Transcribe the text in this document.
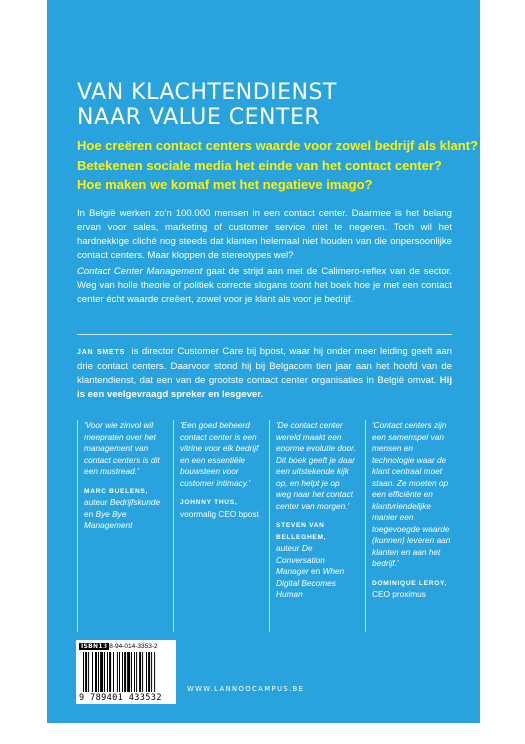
VAN KLACHTENDIENST
NAAR VALUE CENTER
Hoe creëren contact centers waarde voor zowel bedrijf als klant?
Betekenen sociale media het einde van het contact center?
Hoe maken we komaf met het negatieve imago?

In België werken zo'n 100.000 mensen in een contact center. Daarmee is het belang ervan voor sales, marketing of customer service niet te negeren. Toch wil het hardnekkige cliché nog steeds dat klanten helemaal niet houden van die onpersoonlijke contact centers. Maar kloppen de stereotypes wel?

Contact Center Management gaat de strijd aan met de Calimero-reflex van de sector. Weg van holle theorie of politiek correcte slogans toont het boek hoe je met een contact center écht waarde creëert, zowel voor je klant als voor je bedrijf.

JAN SMETS is director Customer Care bij bpost, waar hij onder meer leiding geeft aan drie contact centers. Daarvoor stond hij bij Belgacom tien jaar aan het hoofd van de klantendienst, dat een van de grootste contact center organisaties in België omvat. Hij is een veelgevraagd spreker en lesgever.

'Voor wie zinvol wil meepraten over het management van contact centers is dit een mustread.'
MARC BUELENS,
auteur Bedrijfskunde en Bye Bye Management
'Een goed beheerd contact center is een vitrine voor elk bedrijf en een essentiële bouwsteen voor customer intimacy.'
JOHNNY THUS,
voormalig CEO bpost
'De contact center wereld maakt een enorme evolutie door. Dit boek geeft je daar een uitstekende kijk op, en helpt je op weg naar het contact center van morgen.'
STEVEN VAN BELLEGHEM,
auteur De Conversation Manager en When Digital Becomes Human
'Contact centers zijn een samenspel van mensen en technologie waar de klant centraal moet staan. Ze moeten op een efficiënte en klantvriendelijke manier een toegevoegde waarde (kunnen) leveren aan klanten en aan het bedrijf.'
DOMINIQUE LEROY,
CEO proximus
ISBN13
978-94-014-3353-2
9 789401 433532
WWW.LANNOOCAMPUS.BE
